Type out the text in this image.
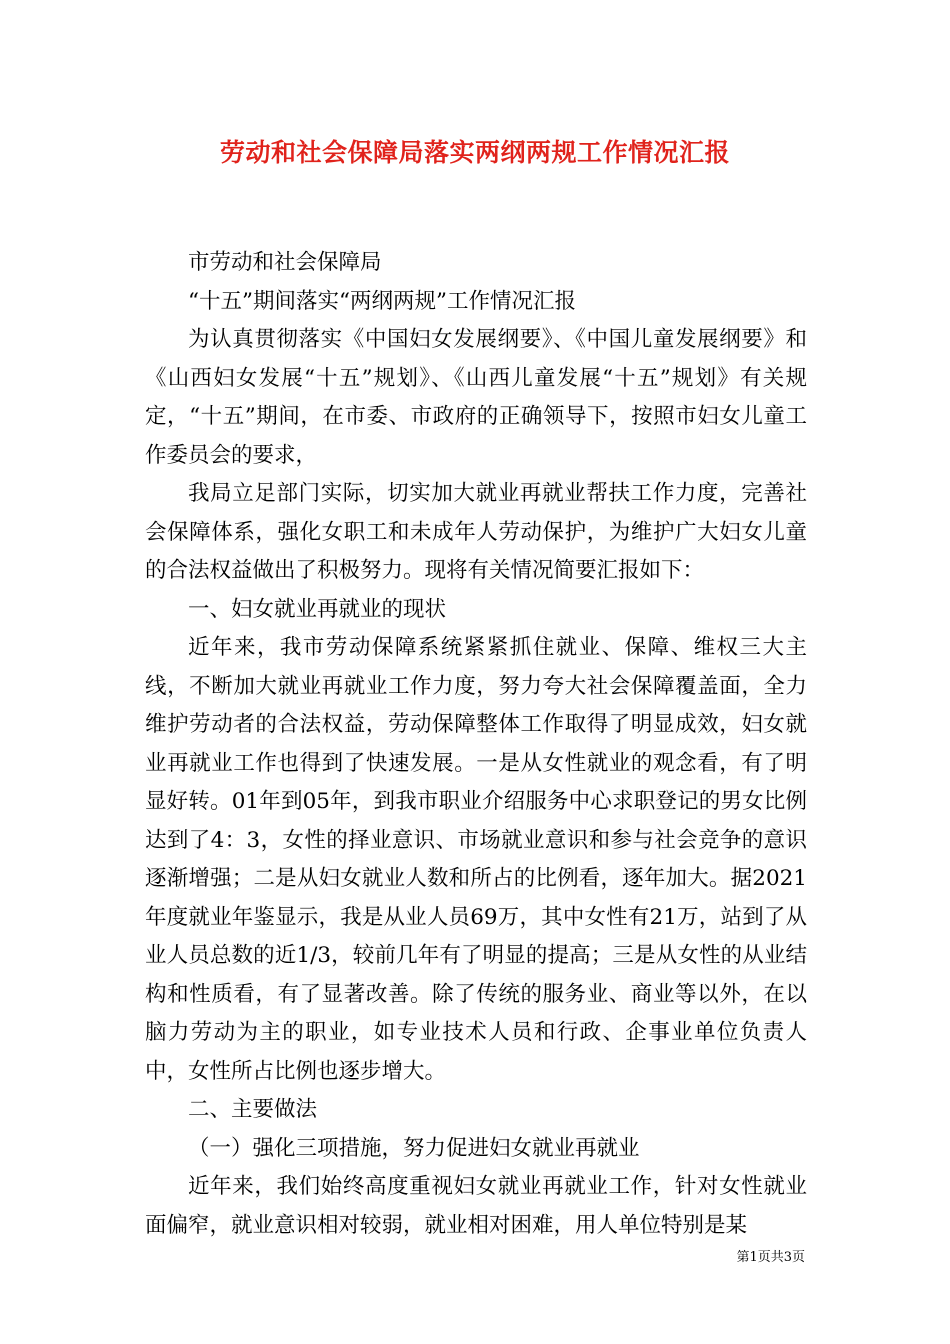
劳动和社会保障局落实两纲两规工作情况汇报

市劳动和社会保障局

“十五”期间落实“两纲两规”工作情况汇报

为认真贯彻落实《中国妇女发展纲要》、《中国儿童发展纲要》和《山西妇女发展“十五”规划》、《山西儿童发展“十五”规划》有关规定，“十五”期间，在市委、市政府的正确领导下，按照市妇女儿童工作委员会的要求，

我局立足部门实际，切实加大就业再就业帮扶工作力度，完善社会保障体系，强化女职工和未成年人劳动保护，为维护广大妇女儿童的合法权益做出了积极努力。现将有关情况简要汇报如下：

一、妇女就业再就业的现状

近年来，我市劳动保障系统紧紧抓住就业、保障、维权三大主线，不断加大就业再就业工作力度，努力夸大社会保障覆盖面，全力维护劳动者的合法权益，劳动保障整体工作取得了明显成效，妇女就业再就业工作也得到了快速发展。一是从女性就业的观念看，有了明显好转。01年到05年，到我市职业介绍服务中心求职登记的男女比例达到了4：3，女性的择业意识、市场就业意识和参与社会竞争的意识逐渐增强；二是从妇女就业人数和所占的比例看，逐年加大。据2021年度就业年鉴显示，我是从业人员69万，其中女性有21万，站到了从业人员总数的近1/3，较前几年有了明显的提高；三是从女性的从业结构和性质看，有了显著改善。除了传统的服务业、商业等以外，在以脑力劳动为主的职业，如专业技术人员和行政、企事业单位负责人中，女性所占比例也逐步增大。

二、主要做法

（一）强化三项措施，努力促进妇女就业再就业

近年来，我们始终高度重视妇女就业再就业工作，针对女性就业面偏窄，就业意识相对较弱，就业相对困难，用人单位特别是某

第1页共3页
